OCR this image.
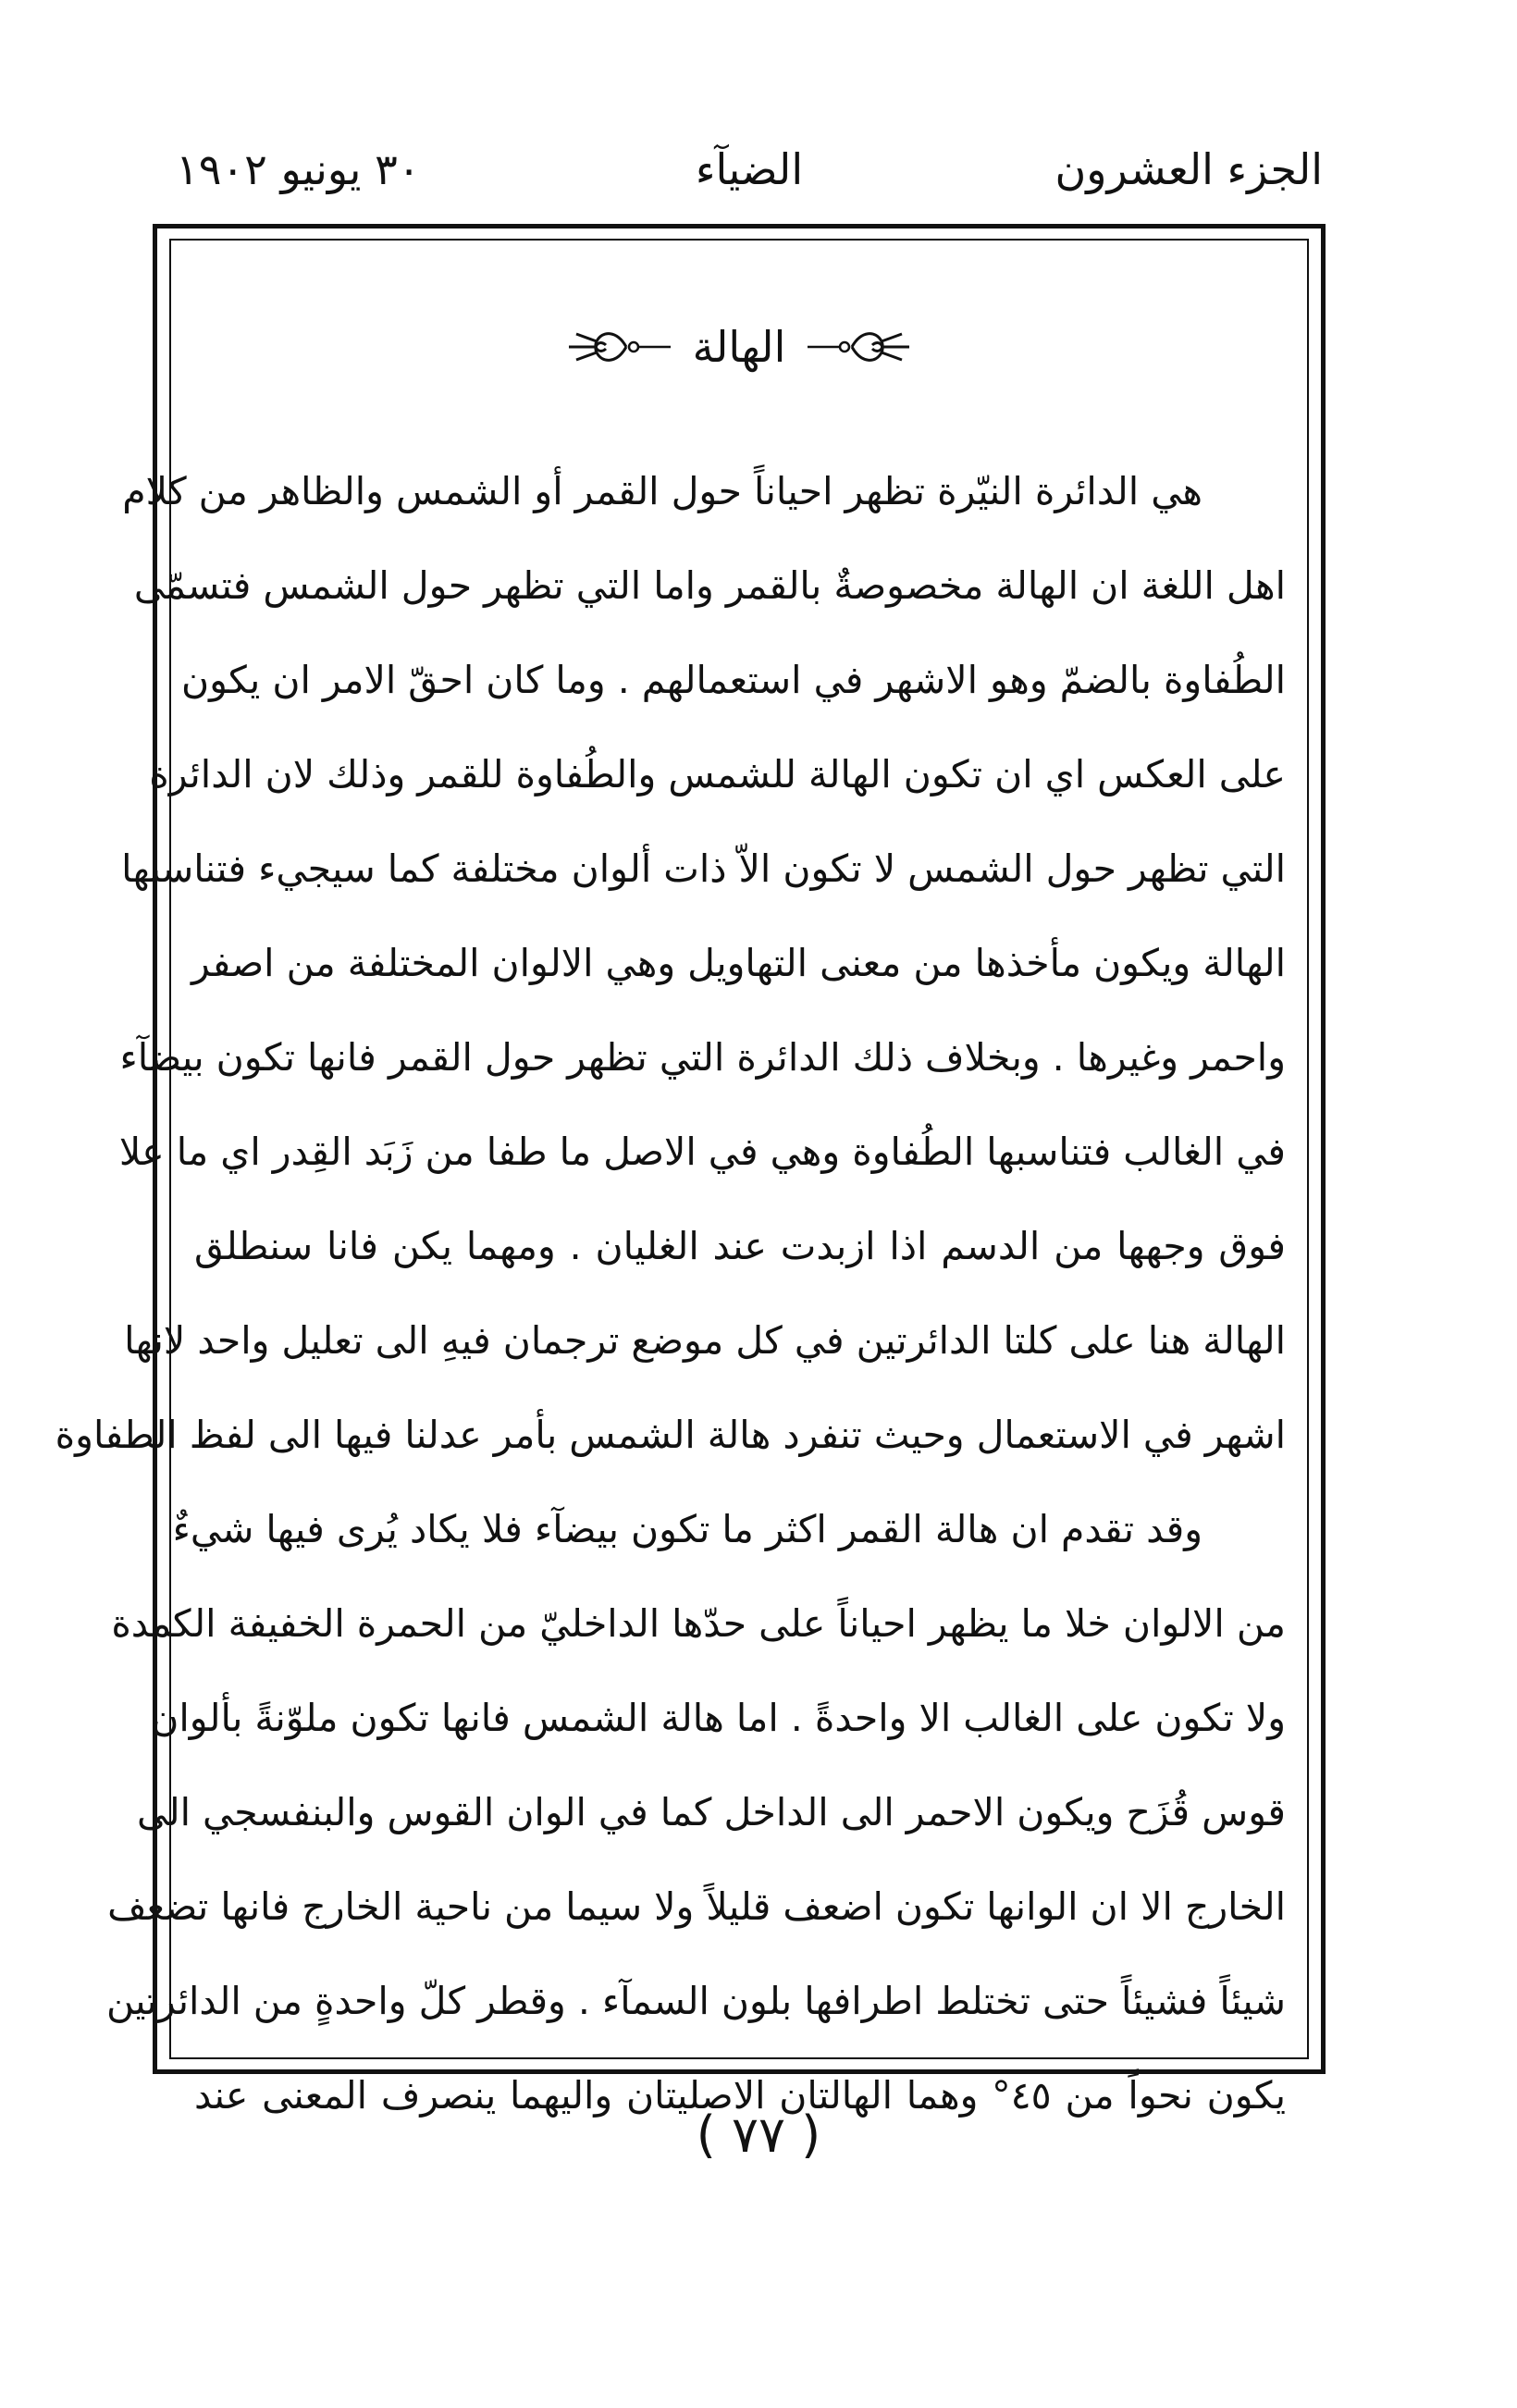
الجزء العشرون
الضيآء
٣٠ يونيو ١٩٠٢
الهالة
هي الدائرة النيّرة تظهر احياناً حول القمر أو الشمس والظاهر من كلام
اهل اللغة ان الهالة مخصوصةٌ بالقمر واما التي تظهر حول الشمس فتسمّى
الطُفاوة بالضمّ وهو الاشهر في استعمالهم . وما كان احقّ الامر ان يكون
على العكس اي ان تكون الهالة للشمس والطُفاوة للقمر وذلك لان الدائرة
التي تظهر حول الشمس لا تكون الاّ ذات ألوان مختلفة كما سيجيء فتناسبها
الهالة ويكون مأخذها من معنى التهاويل وهي الالوان المختلفة من اصفر
واحمر وغيرها . وبخلاف ذلك الدائرة التي تظهر حول القمر فانها تكون بيضآء
في الغالب فتناسبها الطُفاوة وهي في الاصل ما طفا من زَبَد القِدر اي ما علا
فوق وجهها من الدسم اذا ازبدت عند الغليان . ومهما يكن فانا سنطلق
الهالة هنا على كلتا الدائرتين في كل موضع ترجمان فيهِ الى تعليل واحد لانها
اشهر في الاستعمال وحيث تنفرد هالة الشمس بأمر عدلنا فيها الى لفظ الطفاوة
وقد تقدم ان هالة القمر اكثر ما تكون بيضآء فلا يكاد يُرى فيها شيءٌ
من الالوان خلا ما يظهر احياناً على حدّها الداخليّ من الحمرة الخفيفة الكمدة
ولا تكون على الغالب الا واحدةً . اما هالة الشمس فانها تكون ملوّنةً بألوان
قوس قُزَح ويكون الاحمر الى الداخل كما في الوان القوس والبنفسجي الى
الخارج الا ان الوانها تكون اضعف قليلاً ولا سيما من ناحية الخارج فانها تضعف
شيئاً فشيئاً حتى تختلط اطرافها بلون السمآء . وقطر كلّ واحدةٍ من الدائرتين
يكون نحواً من ٤٥° وهما الهالتان الاصليتان واليهما ينصرف المعنى عند
( ٧٧ )
